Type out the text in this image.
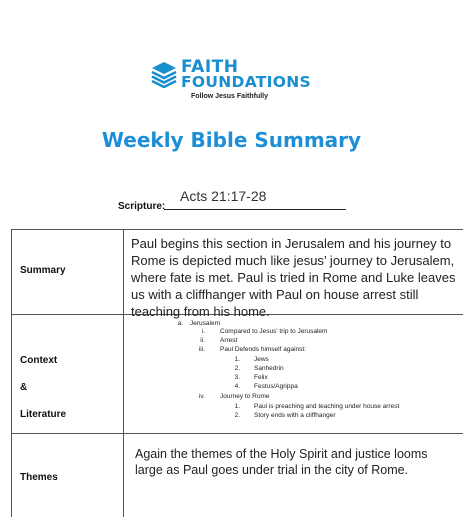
FAITH
FOUNDATIONS
Follow Jesus Faithfully
Weekly Bible Summary
Scripture:
Acts 21:17-28
Summary
Paul begins this section in Jerusalem and his journey to Rome is depicted much like jesus’ journey to Jerusalem, where fate is met. Paul is tried in Rome and Luke leaves us with a cliffhanger with Paul on house arrest still teaching from his home.
Context
&
Literature
a. Jerusalem
i. Compared to Jesus' trip to Jerusalem
ii. Arrest
iii. Paul Defends himself against:
1. Jews
2. Sanhedrin
3. Felix
4. Festus/Agrippa
iv. Journey to Rome
1. Paul is preaching and teaching under house arrest
2. Story ends with a cliffhanger
Themes
Again the themes of the Holy Spirit and justice looms large as Paul goes under trial in the city of Rome.
